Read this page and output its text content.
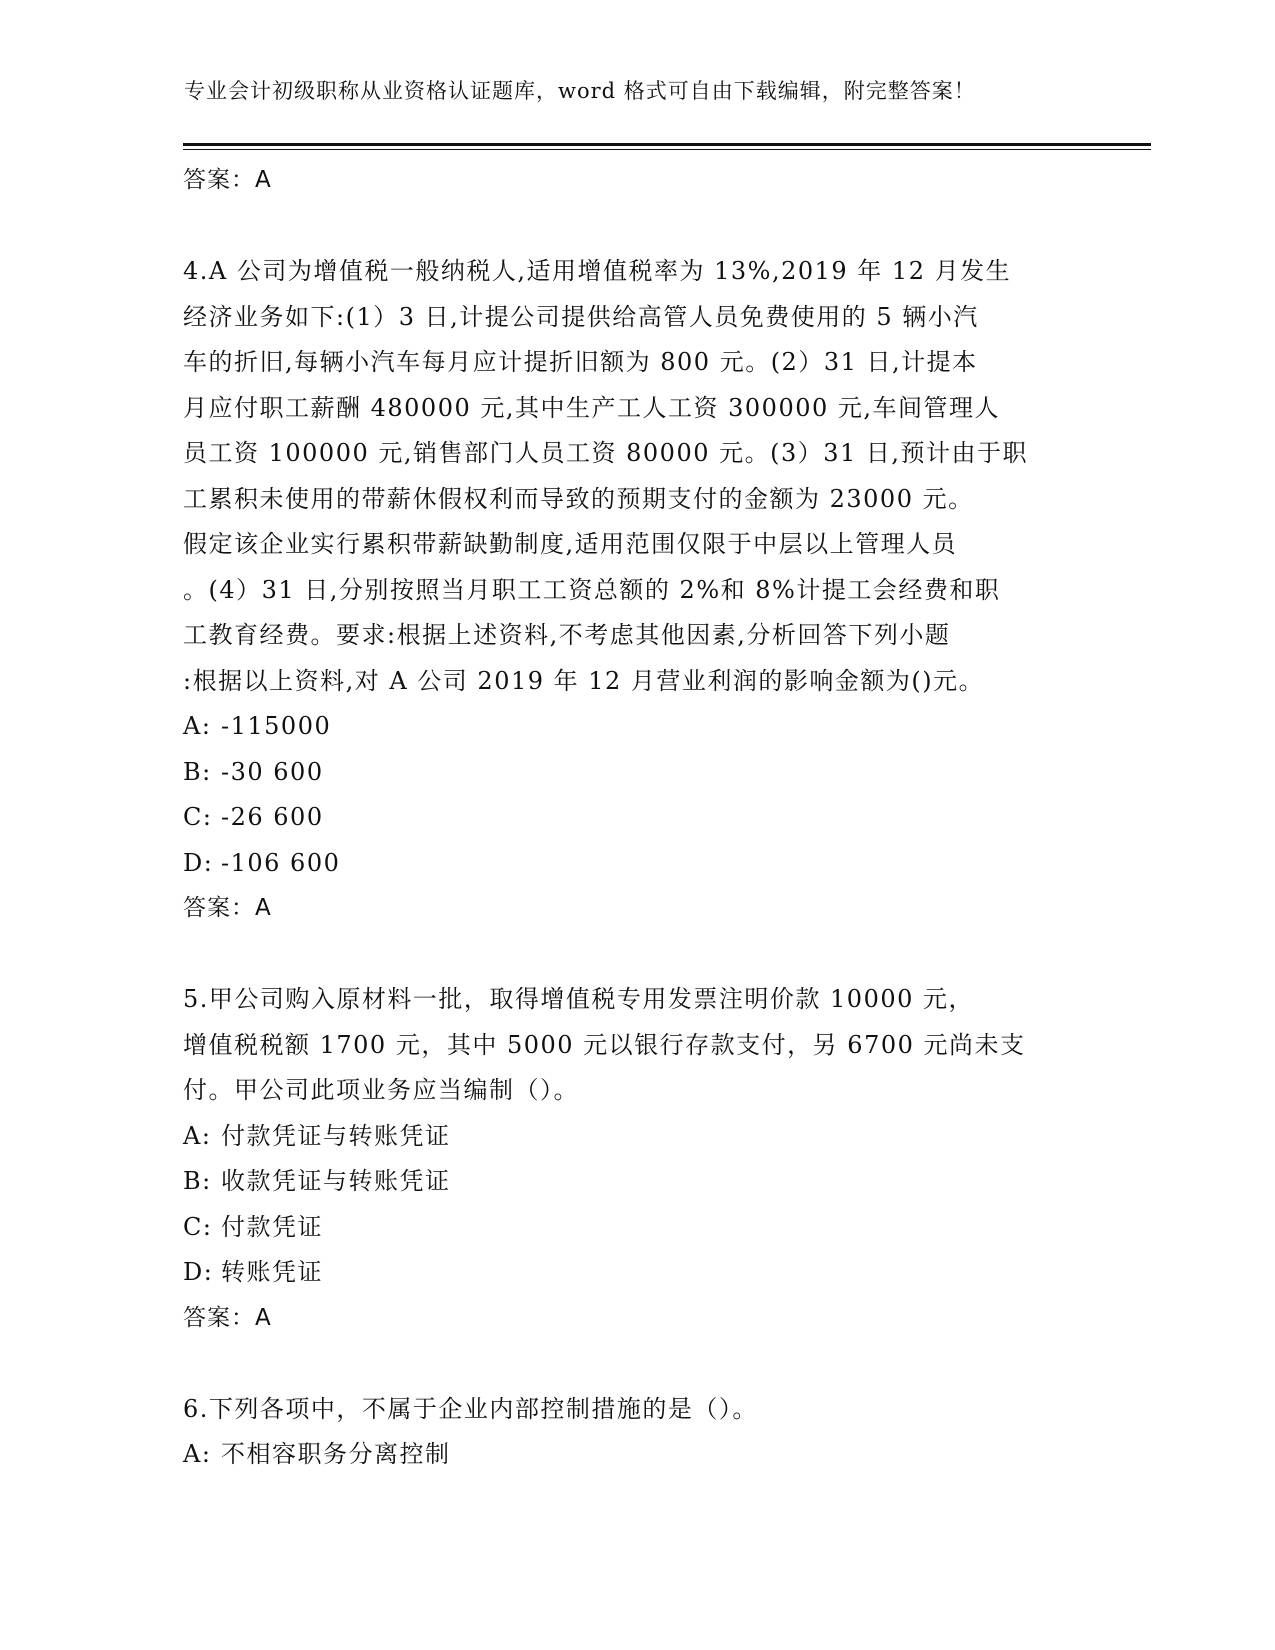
专业会计初级职称从业资格认证题库，word 格式可自由下载编辑，附完整答案！
答案：A
4.A 公司为增值税一般纳税人,适用增值税率为 13%,2019 年 12 月发生
经济业务如下:(1）3 日,计提公司提供给高管人员免费使用的 5 辆小汽
车的折旧,每辆小汽车每月应计提折旧额为 800 元。(2）31 日,计提本
月应付职工薪酬 480000 元,其中生产工人工资 300000 元,车间管理人
员工资 100000 元,销售部门人员工资 80000 元。(3）31 日,预计由于职
工累积未使用的带薪休假权利而导致的预期支付的金额为 23000 元。
假定该企业实行累积带薪缺勤制度,适用范围仅限于中层以上管理人员
。(4）31 日,分别按照当月职工工资总额的 2%和 8%计提工会经费和职
工教育经费。要求:根据上述资料,不考虑其他因素,分析回答下列小题
:根据以上资料,对 A 公司 2019 年 12 月营业利润的影响金额为()元。
A: -115000
B: -30 600
C: -26 600
D: -106 600
答案：A
5.甲公司购入原材料一批，取得增值税专用发票注明价款 10000 元，
增值税税额 1700 元，其中 5000 元以银行存款支付，另 6700 元尚未支
付。甲公司此项业务应当编制（）。
A: 付款凭证与转账凭证
B: 收款凭证与转账凭证
C: 付款凭证
D: 转账凭证
答案：A
6.下列各项中，不属于企业内部控制措施的是（）。
A: 不相容职务分离控制
